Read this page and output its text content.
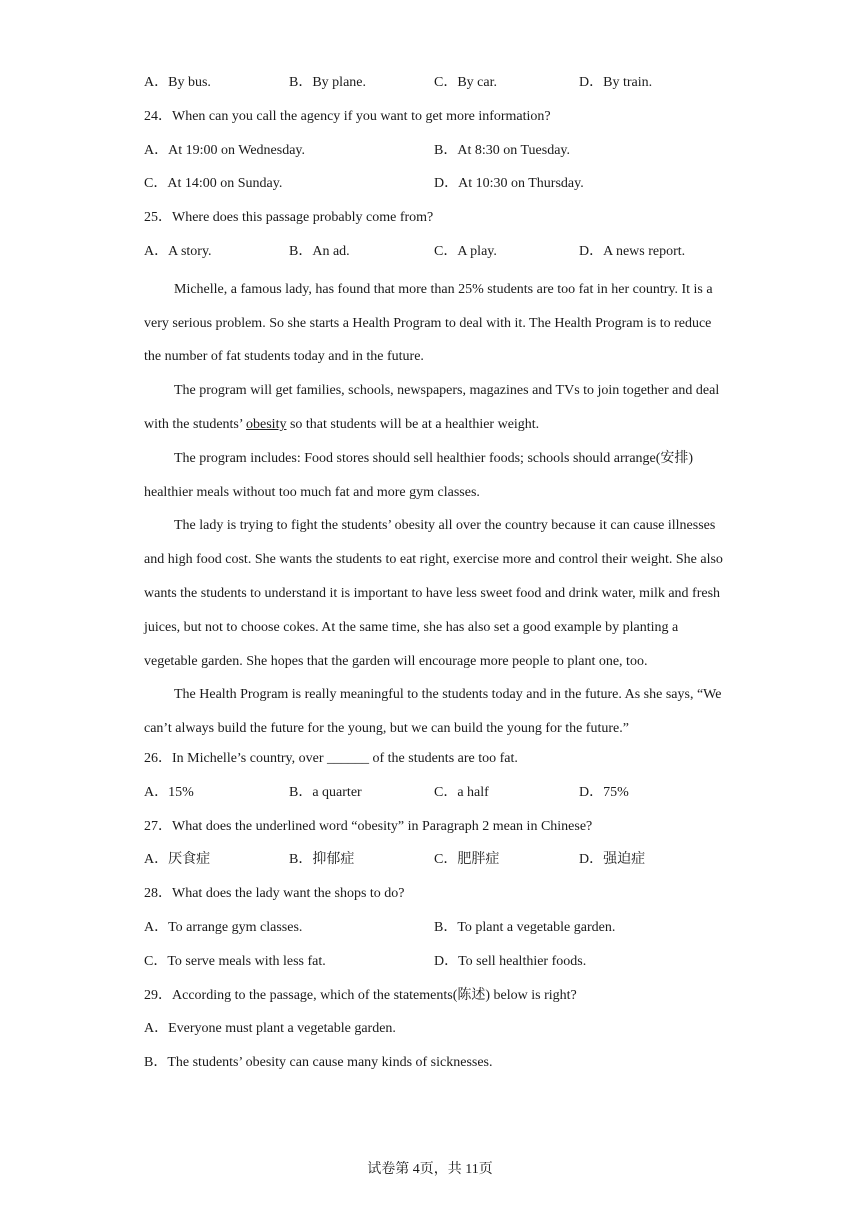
A．By bus.	B．By plane.	C．By car.	D．By train.
24．When can you call the agency if you want to get more information?
A．At 19:00 on Wednesday.	B．At 8:30 on Tuesday.
C．At 14:00 on Sunday.	D．At 10:30 on Thursday.
25．Where does this passage probably come from?
A．A story.	B．An ad.	C．A play.	D．A news report.

Michelle, a famous lady, has found that more than 25% students are too fat in her country. It is a very serious problem. So she starts a Health Program to deal with it. The Health Program is to reduce the number of fat students today and in the future.

The program will get families, schools, newspapers, magazines and TVs to join together and deal with the students’ obesity so that students will be at a healthier weight.

The program includes: Food stores should sell healthier foods; schools should arrange(安排) healthier meals without too much fat and more gym classes.

The lady is trying to fight the students’ obesity all over the country because it can cause illnesses and high food cost. She wants the students to eat right, exercise more and control their weight. She also wants the students to understand it is important to have less sweet food and drink water, milk and fresh juices, but not to choose cokes. At the same time, she has also set a good example by planting a vegetable garden. She hopes that the garden will encourage more people to plant one, too.

The Health Program is really meaningful to the students today and in the future. As she says, “We can’t always build the future for the young, but we can build the young for the future.”

26．In Michelle’s country, over ______ of the students are too fat.
A．15%	B．a quarter	C．a half	D．75%
27．What does the underlined word “obesity” in Paragraph 2 mean in Chinese?
A．厌食症	B．抑郁症	C．肥胖症	D．强迫症
28．What does the lady want the shops to do?
A．To arrange gym classes.	B．To plant a vegetable garden.
C．To serve meals with less fat.	D．To sell healthier foods.
29．According to the passage, which of the statements(陈述) below is right?
A．Everyone must plant a vegetable garden.
B．The students’ obesity can cause many kinds of sicknesses.
试卷第 4页，共 11页
